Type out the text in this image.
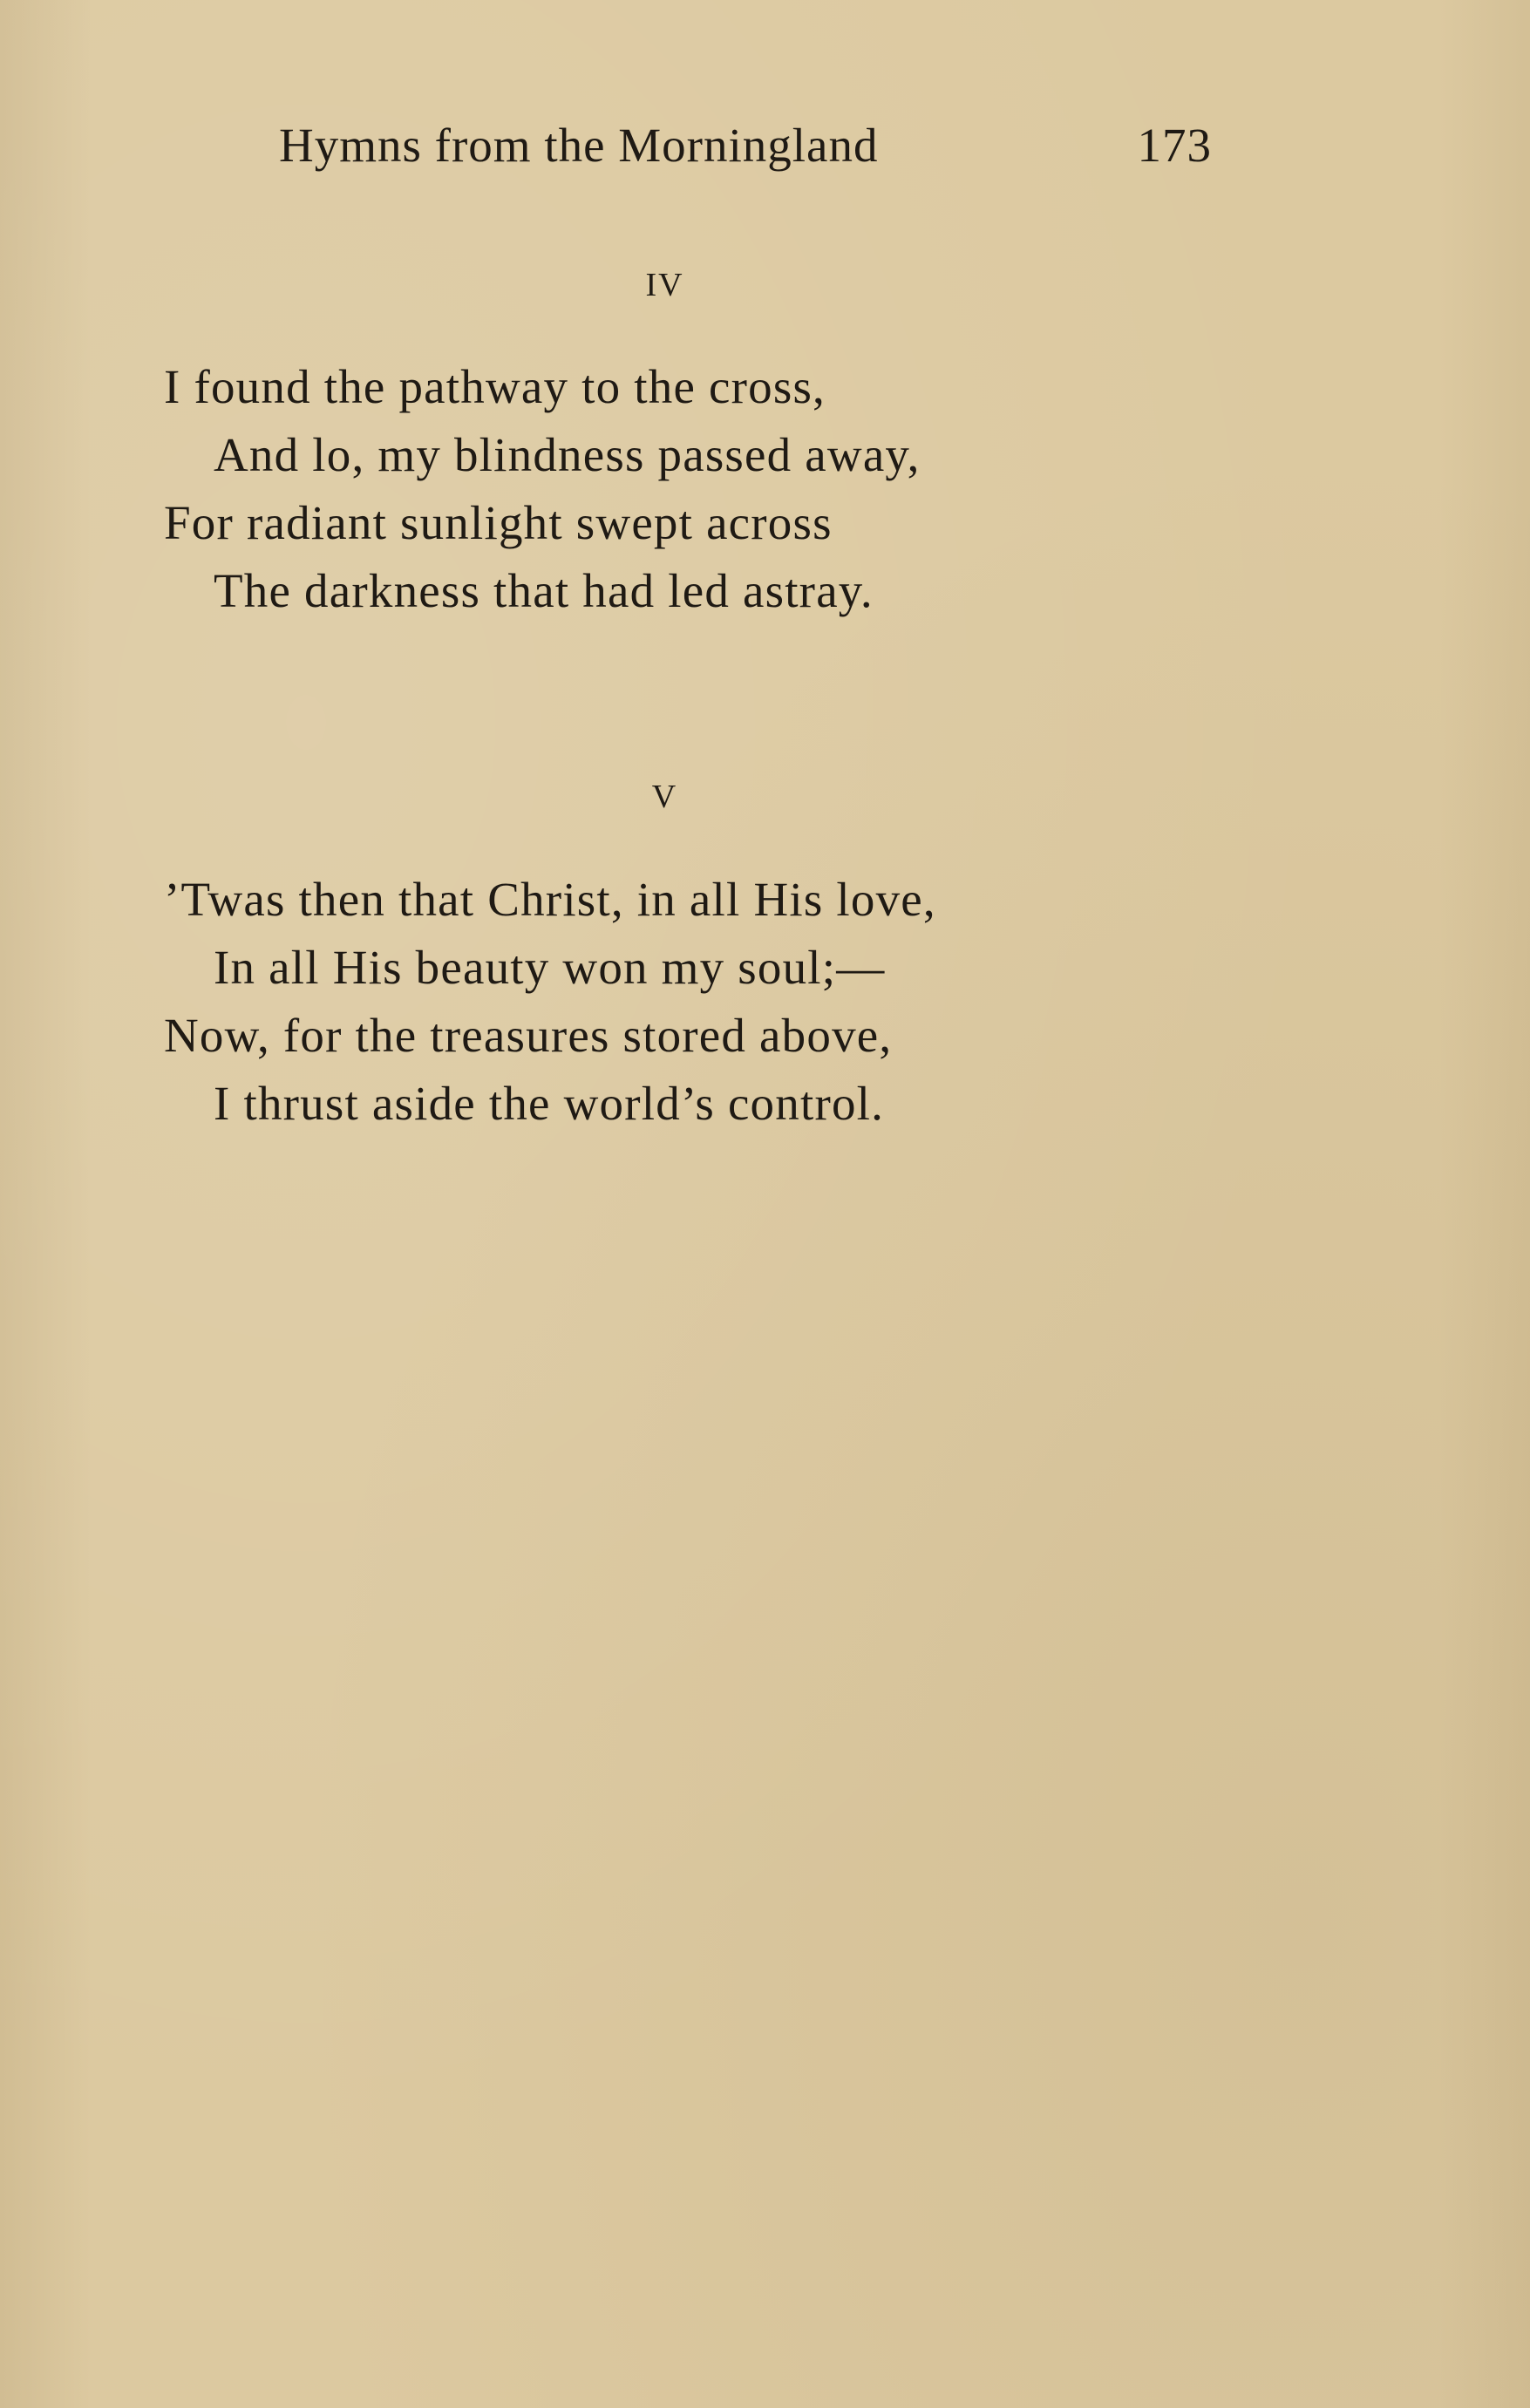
Hymns from the Morningland	173
IV
I found the pathway to the cross,
And lo, my blindness passed away,
For radiant sunlight swept across
The darkness that had led astray.
V
’Twas then that Christ, in all His love,
In all His beauty won my soul;—
Now, for the treasures stored above,
I thrust aside the world’s control.
